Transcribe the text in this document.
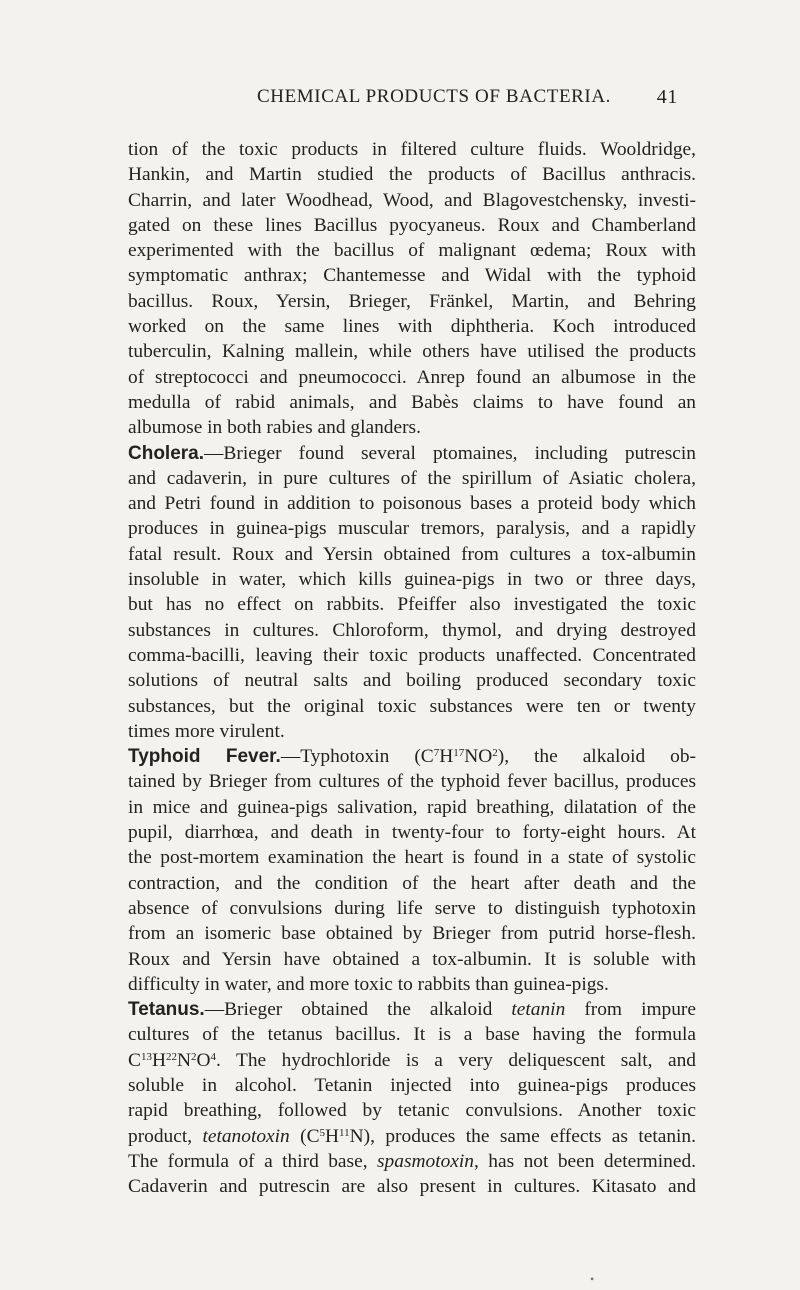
CHEMICAL PRODUCTS OF BACTERIA.	41
tion of the toxic products in filtered culture fluids. Wooldridge,
Hankin, and Martin studied the products of Bacillus anthracis.
Charrin, and later Woodhead, Wood, and Blagovestchensky, investi-
gated on these lines Bacillus pyocyaneus. Roux and Chamberland
experimented with the bacillus of malignant œdema; Roux with
symptomatic anthrax; Chantemesse and Widal with the typhoid
bacillus. Roux, Yersin, Brieger, Fränkel, Martin, and Behring
worked on the same lines with diphtheria. Koch introduced
tuberculin, Kalning mallein, while others have utilised the products
of streptococci and pneumococci. Anrep found an albumose in the
medulla of rabid animals, and Babès claims to have found an
albumose in both rabies and glanders.
Cholera.—Brieger found several ptomaines, including putrescin
and cadaverin, in pure cultures of the spirillum of Asiatic cholera,
and Petri found in addition to poisonous bases a proteid body which
produces in guinea-pigs muscular tremors, paralysis, and a rapidly
fatal result. Roux and Yersin obtained from cultures a tox-albumin
insoluble in water, which kills guinea-pigs in two or three days,
but has no effect on rabbits. Pfeiffer also investigated the toxic
substances in cultures. Chloroform, thymol, and drying destroyed
comma-bacilli, leaving their toxic products unaffected. Concentrated
solutions of neutral salts and boiling produced secondary toxic
substances, but the original toxic substances were ten or twenty
times more virulent.
Typhoid Fever.—Typhotoxin $(C^7H^{17}NO^2)$, the alkaloid ob-
tained by Brieger from cultures of the typhoid fever bacillus, produces
in mice and guinea-pigs salivation, rapid breathing, dilatation of the
pupil, diarrhœa, and death in twenty-four to forty-eight hours. At
the post-mortem examination the heart is found in a state of systolic
contraction, and the condition of the heart after death and the
absence of convulsions during life serve to distinguish typhotoxin
from an isomeric base obtained by Brieger from putrid horse-flesh.
Roux and Yersin have obtained a tox-albumin. It is soluble with
difficulty in water, and more toxic to rabbits than guinea-pigs.
Tetanus.—Brieger obtained the alkaloid tetanin from impure
cultures of the tetanus bacillus. It is a base having the formula
$C^{13}H^{22}N^2O^4$. The hydrochloride is a very deliquescent salt, and
soluble in alcohol. Tetanin injected into guinea-pigs produces
rapid breathing, followed by tetanic convulsions. Another toxic
product, tetanotoxin $(C^5H^{11}N)$, produces the same effects as tetanin.
The formula of a third base, spasmotoxin, has not been determined.
Cadaverin and putrescin are also present in cultures. Kitasato and
•
